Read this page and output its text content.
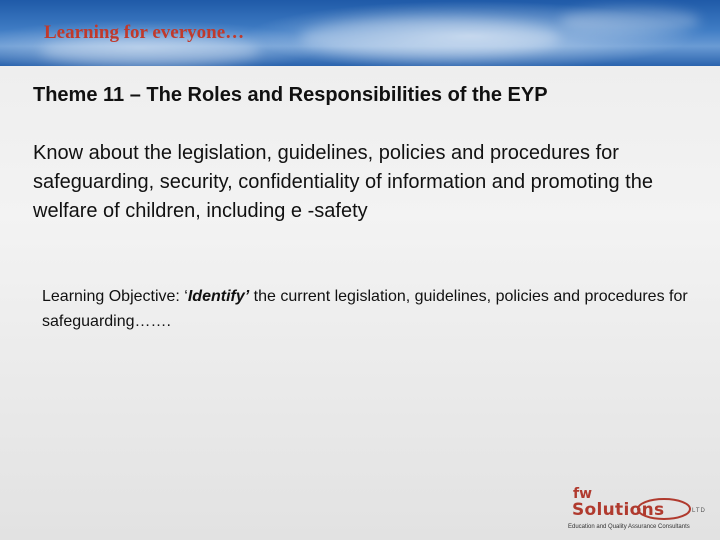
Learning for everyone…
Theme 11 – The Roles and Responsibilities of the EYP
Know about the legislation, guidelines, policies and procedures for safeguarding, security, confidentiality of information and promoting the welfare of children, including e -safety
Learning Objective: ‘Identify’ the current legislation, guidelines, policies and procedures for safeguarding…….
fw
Solutions	LTD
Education and Quality Assurance Consultants
